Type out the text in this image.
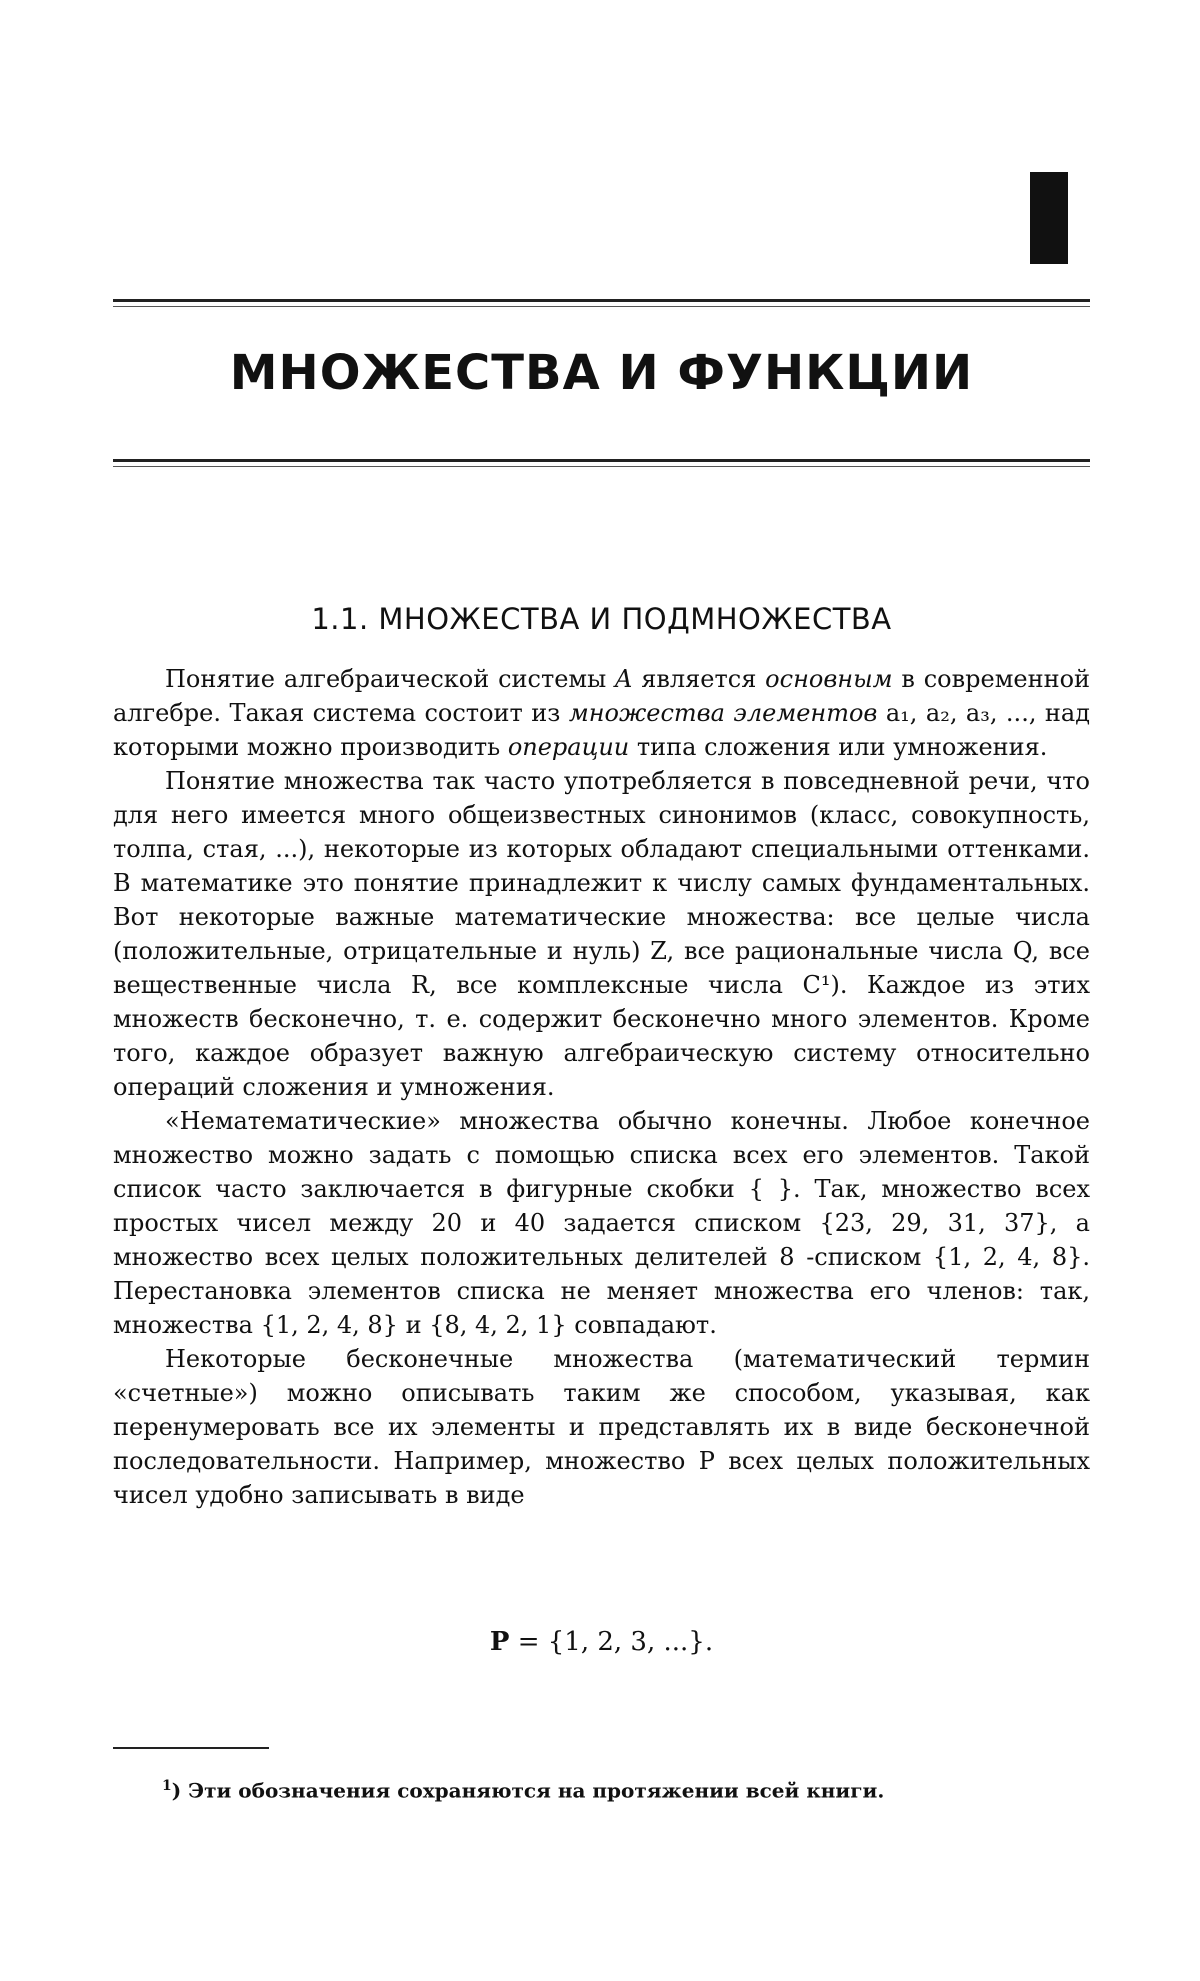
МНОЖЕСТВА И ФУНКЦИИ
1.1. МНОЖЕСТВА И ПОДМНОЖЕСТВА

Понятие алгебраической системы A является основным в современной алгебре. Такая система состоит из множества элементов a₁, a₂, a₃, ..., над которыми можно производить операции типа сложения или умножения.

Понятие множества так часто употребляется в повседневной речи, что для него имеется много общеизвестных синонимов (класс, совокупность, толпа, стая, ...), некоторые из которых обладают специальными оттенками. В математике это понятие принадлежит к числу самых фундаментальных. Вот некоторые важные математические множества: все целые числа (положительные, отрицательные и нуль) Z, все рациональные числа Q, все вещественные числа R, все комплексные числа C¹). Каждое из этих множеств бесконечно, т. е. содержит бесконечно много элементов. Кроме того, каждое образует важную алгебраическую систему относительно операций сложения и умножения.

«Нематематические» множества обычно конечны. Любое конечное множество можно задать с помощью списка всех его элементов. Такой список часто заключается в фигурные скобки { }. Так, множество всех простых чисел между 20 и 40 задается списком {23, 29, 31, 37}, а множество всех целых положительных делителей 8 -списком {1, 2, 4, 8}. Перестановка элементов списка не меняет множества его членов: так, множества {1, 2, 4, 8} и {8, 4, 2, 1} совпадают.

Некоторые бесконечные множества (математический термин «счетные») можно описывать таким же способом, указывая, как перенумеровать все их элементы и представлять их в виде бесконечной последовательности. Например, множество P всех целых положительных чисел удобно записывать в виде

P = {1, 2, 3, ...}.
$^1$) Эти обозначения сохраняются на протяжении всей книги.
